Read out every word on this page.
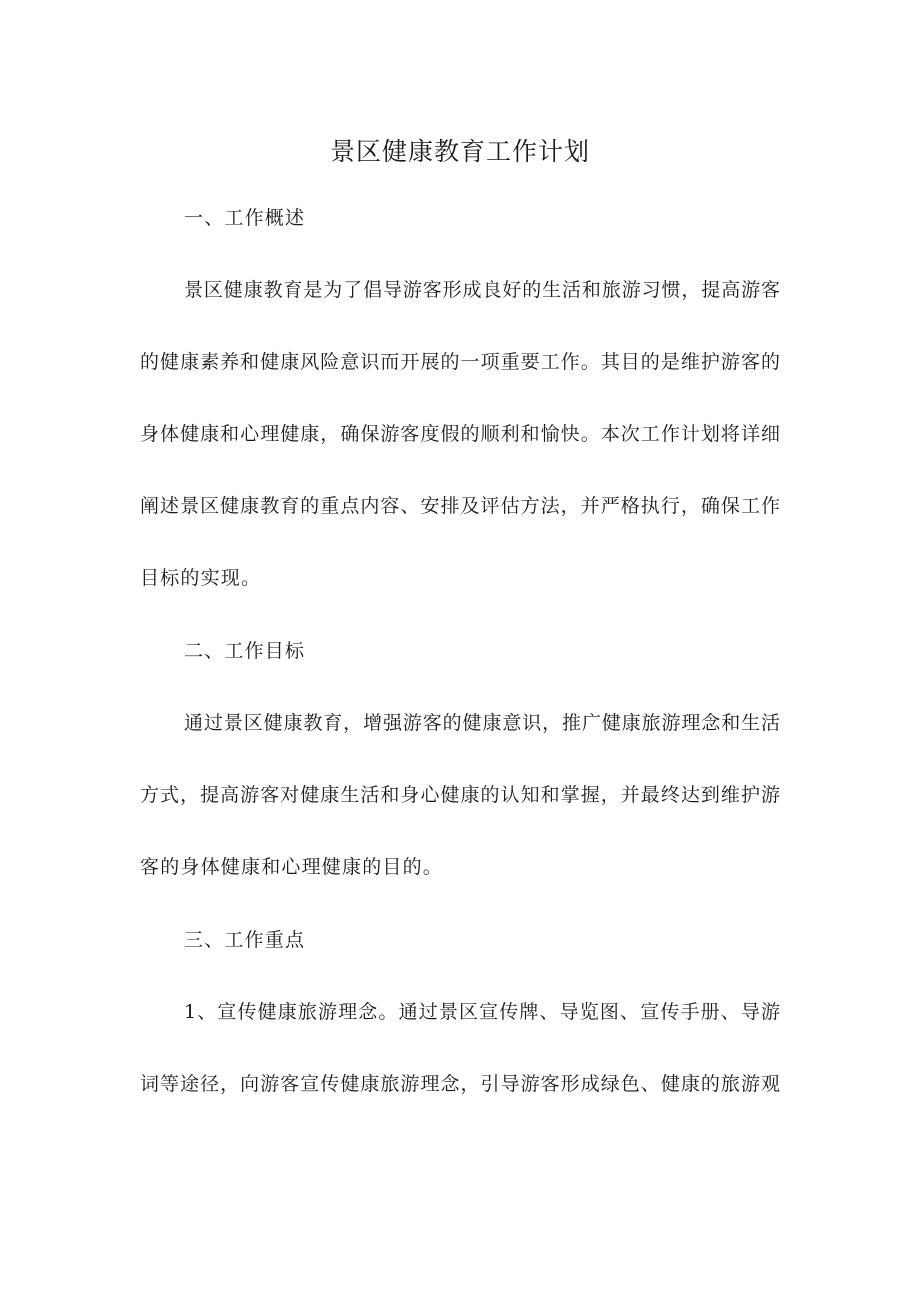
景区健康教育工作计划
一、工作概述
景区健康教育是为了倡导游客形成良好的生活和旅游习惯，提高游客
的健康素养和健康风险意识而开展的一项重要工作。其目的是维护游客的
身体健康和心理健康，确保游客度假的顺利和愉快。本次工作计划将详细
阐述景区健康教育的重点内容、安排及评估方法，并严格执行，确保工作
目标的实现。
二、工作目标
通过景区健康教育，增强游客的健康意识，推广健康旅游理念和生活
方式，提高游客对健康生活和身心健康的认知和掌握，并最终达到维护游
客的身体健康和心理健康的目的。
三、工作重点
1、宣传健康旅游理念。通过景区宣传牌、导览图、宣传手册、导游
词等途径，向游客宣传健康旅游理念，引导游客形成绿色、健康的旅游观
